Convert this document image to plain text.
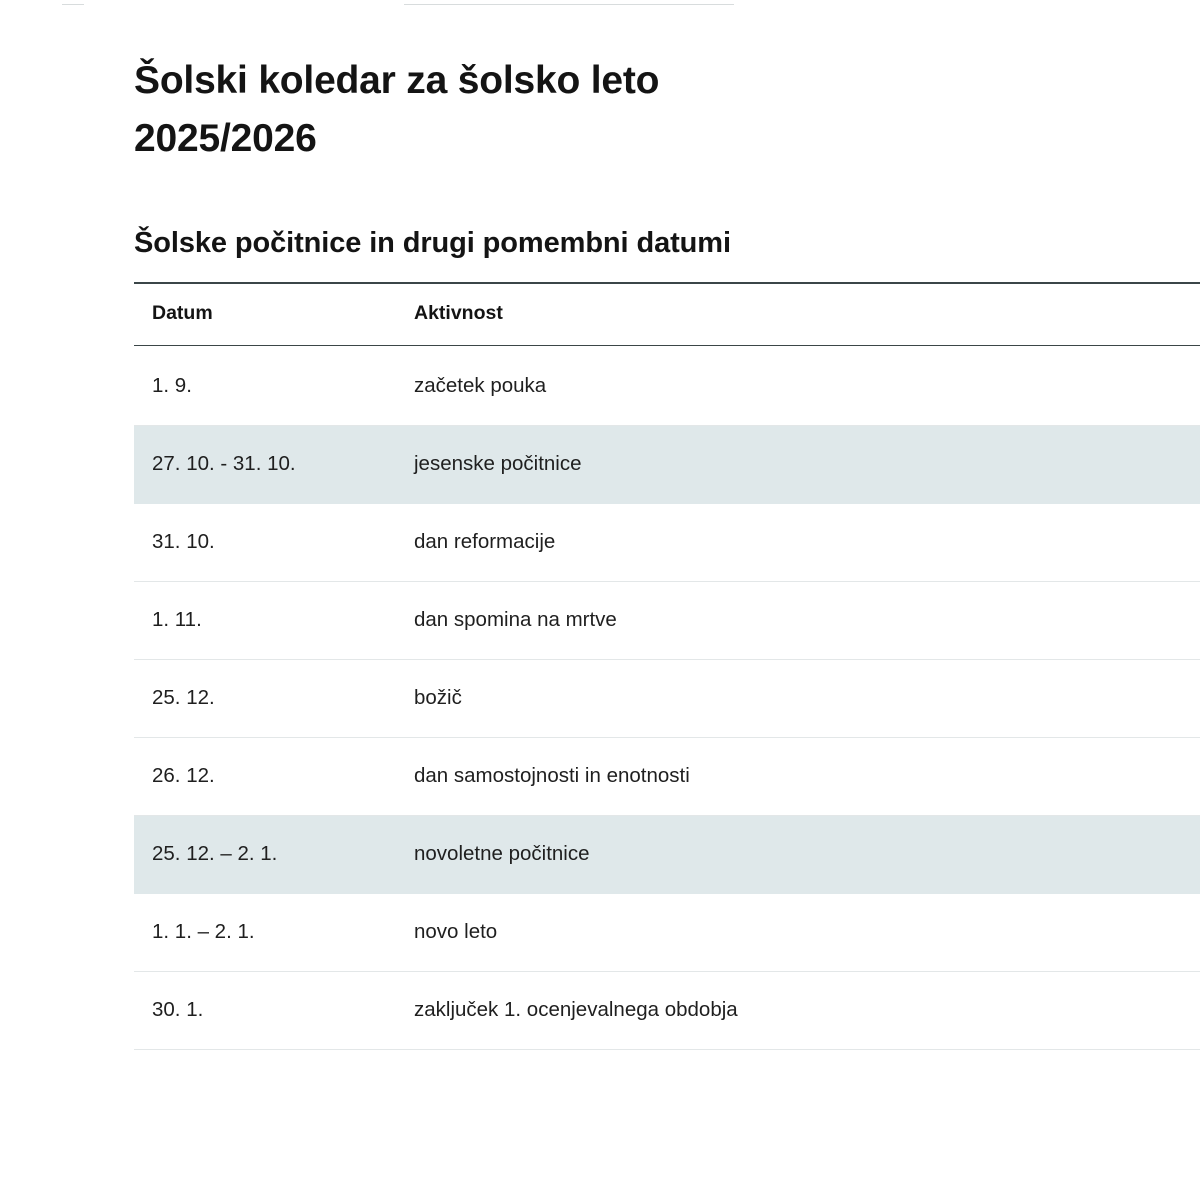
Šolski koledar za šolsko leto
2025/2026
Šolske počitnice in drugi pomembni datumi
Datum	Aktivnost
1. 9.	začetek pouka
27. 10. - 31. 10.	jesenske počitnice
31. 10.	dan reformacije
1. 11.	dan spomina na mrtve
25. 12.	božič
26. 12.	dan samostojnosti in enotnosti
25. 12. – 2. 1.	novoletne počitnice
1. 1. – 2. 1.	novo leto
30. 1.	zaključek 1. ocenjevalnega obdobja
